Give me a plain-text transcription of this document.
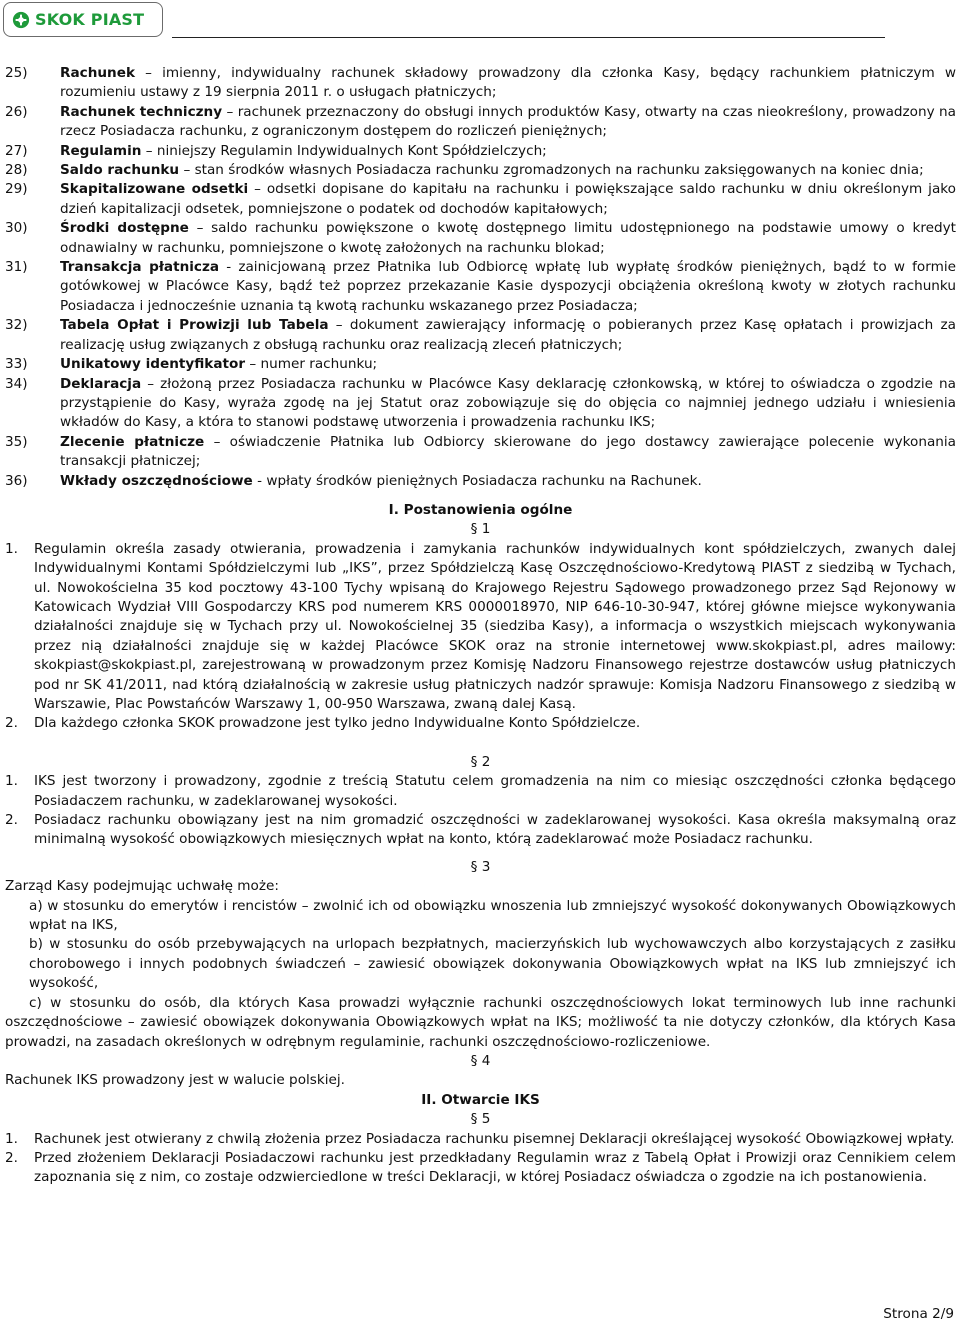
SKOK PIAST
25)	Rachunek – imienny, indywidualny rachunek składowy prowadzony dla członka Kasy, będący rachunkiem płatniczym w rozumieniu ustawy z 19 sierpnia 2011 r. o usługach płatniczych;
26)	Rachunek techniczny – rachunek przeznaczony do obsługi innych produktów Kasy, otwarty na czas nieokreślony, prowadzony na rzecz Posiadacza rachunku, z ograniczonym dostępem do rozliczeń pieniężnych;
27)	Regulamin – niniejszy Regulamin Indywidualnych Kont Spółdzielczych;
28)	Saldo rachunku – stan środków własnych Posiadacza rachunku zgromadzonych na rachunku zaksięgowanych na koniec dnia;
29)	Skapitalizowane odsetki – odsetki dopisane do kapitału na rachunku i powiększające saldo rachunku w dniu określonym jako dzień kapitalizacji odsetek, pomniejszone o podatek od dochodów kapitałowych;
30)	Środki dostępne – saldo rachunku powiększone o kwotę dostępnego limitu udostępnionego na podstawie umowy o kredyt odnawialny w rachunku, pomniejszone o kwotę założonych na rachunku blokad;
31)	Transakcja płatnicza - zainicjowaną przez Płatnika lub Odbiorcę wpłatę lub wypłatę środków pieniężnych, bądź to w formie gotówkowej w Placówce Kasy, bądź też poprzez przekazanie Kasie dyspozycji obciążenia określoną kwoty w złotych rachunku Posiadacza i jednocześnie uznania tą kwotą rachunku wskazanego przez Posiadacza;
32)	Tabela Opłat i Prowizji lub Tabela – dokument zawierający informację o pobieranych przez Kasę opłatach i prowizjach za realizację usług związanych z obsługą rachunku oraz realizacją zleceń płatniczych;
33)	Unikatowy identyfikator – numer rachunku;
34)	Deklaracja – złożoną przez Posiadacza rachunku w Placówce Kasy deklarację członkowską, w której to oświadcza o zgodzie na przystąpienie do Kasy, wyraża zgodę na jej Statut oraz zobowiązuje się do objęcia co najmniej jednego udziału i wniesienia wkładów do Kasy, a która to stanowi podstawę utworzenia i prowadzenia rachunku IKS;
35)	Zlecenie płatnicze – oświadczenie Płatnika lub Odbiorcy skierowane do jego dostawcy zawierające polecenie wykonania transakcji płatniczej;
36)	Wkłady oszczędnościowe - wpłaty środków pieniężnych Posiadacza rachunku na Rachunek.
I. Postanowienia ogólne
§ 1
1.	Regulamin określa zasady otwierania, prowadzenia i zamykania rachunków indywidualnych kont spółdzielczych, zwanych dalej Indywidualnymi Kontami Spółdzielczymi lub „IKS”, przez Spółdzielczą Kasę Oszczędnościowo-Kredytową PIAST z siedzibą w Tychach, ul. Nowokościelna 35 kod pocztowy 43-100 Tychy wpisaną do Krajowego Rejestru Sądowego prowadzonego przez Sąd Rejonowy w Katowicach Wydział VIII Gospodarczy KRS pod numerem KRS 0000018970, NIP 646-10-30-947, której główne miejsce wykonywania działalności znajduje się w Tychach przy ul. Nowokościelnej 35 (siedziba Kasy), a informacja o wszystkich miejscach wykonywania przez nią działalności znajduje się w każdej Placówce SKOK oraz na stronie internetowej www.skokpiast.pl, adres mailowy: skokpiast@skokpiast.pl, zarejestrowaną w prowadzonym przez Komisję Nadzoru Finansowego rejestrze dostawców usług płatniczych pod nr SK 41/2011, nad którą działalnością w zakresie usług płatniczych nadzór sprawuje: Komisja Nadzoru Finansowego z siedzibą w Warszawie, Plac Powstańców Warszawy 1, 00-950 Warszawa, zwaną dalej Kasą.
2.	Dla każdego członka SKOK prowadzone jest tylko jedno Indywidualne Konto Spółdzielcze.
§ 2
1.	IKS jest tworzony i prowadzony, zgodnie z treścią Statutu celem gromadzenia na nim co miesiąc oszczędności członka będącego Posiadaczem rachunku, w zadeklarowanej wysokości.
2.	Posiadacz rachunku obowiązany jest na nim gromadzić oszczędności w zadeklarowanej wysokości. Kasa określa maksymalną oraz minimalną wysokość obowiązkowych miesięcznych wpłat na konto, którą zadeklarować może Posiadacz rachunku.
§ 3
Zarząd Kasy podejmując uchwałę może:
a) w stosunku do emerytów i rencistów – zwolnić ich od obowiązku wnoszenia lub zmniejszyć wysokość dokonywanych Obowiązkowych wpłat na IKS,
b) w stosunku do osób przebywających na urlopach bezpłatnych, macierzyńskich lub wychowawczych albo korzystających z zasiłku chorobowego i innych podobnych świadczeń – zawiesić obowiązek dokonywania Obowiązkowych wpłat na IKS lub zmniejszyć ich wysokość,
c) w stosunku do osób, dla których Kasa prowadzi wyłącznie rachunki oszczędnościowych lokat terminowych lub inne rachunki oszczędnościowe – zawiesić obowiązek dokonywania Obowiązkowych wpłat na IKS; możliwość ta nie dotyczy członków, dla których Kasa prowadzi, na zasadach określonych w odrębnym regulaminie, rachunki oszczędnościowo-rozliczeniowe.
§ 4
Rachunek IKS prowadzony jest w walucie polskiej.
II. Otwarcie IKS
§ 5
1.	Rachunek jest otwierany z chwilą złożenia przez Posiadacza rachunku pisemnej Deklaracji określającej wysokość Obowiązkowej wpłaty.
2.	Przed złożeniem Deklaracji Posiadaczowi rachunku jest przedkładany Regulamin wraz z Tabelą Opłat i Prowizji oraz Cennikiem celem zapoznania się z nim, co zostaje odzwierciedlone w treści Deklaracji, w której Posiadacz oświadcza o zgodzie na ich postanowienia.
Strona 2/9
